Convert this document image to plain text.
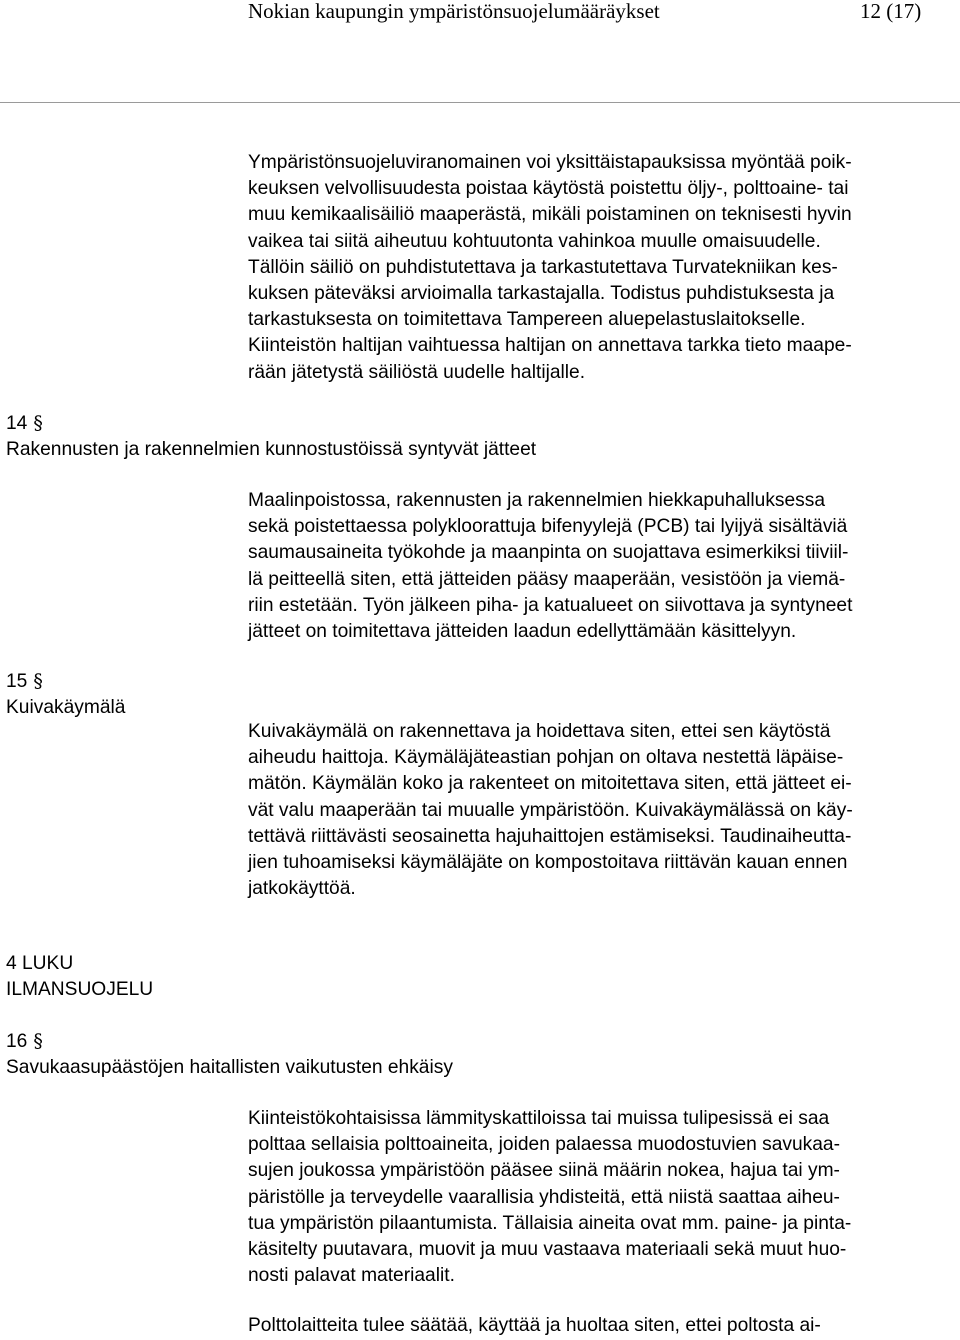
Nokian kaupungin ympäristönsuojelumääräykset	12 (17)

Ympäristönsuojeluviranomainen voi yksittäistapauksissa myöntää poik-
keuksen velvollisuudesta poistaa käytöstä poistettu öljy-, polttoaine- tai
muu kemikaalisäiliö maaperästä, mikäli poistaminen on teknisesti hyvin
vaikea tai siitä aiheutuu kohtuutonta vahinkoa muulle omaisuudelle.
Tällöin säiliö on puhdistutettava ja tarkastutettava Turvatekniikan kes-
kuksen päteväksi arvioimalla tarkastajalla. Todistus puhdistuksesta ja
tarkastuksesta on toimitettava Tampereen aluepelastuslaitokselle.
Kiinteistön haltijan vaihtuessa haltijan on annettava tarkka tieto maape-
rään jätetystä säiliöstä uudelle haltijalle.

14 §
Rakennusten ja rakennelmien kunnostustöissä syntyvät jätteet

Maalinpoistossa, rakennusten ja rakennelmien hiekkapuhalluksessa
sekä poistettaessa polykloorattuja bifenyylejä (PCB) tai lyijyä sisältäviä
saumausaineita työkohde ja maanpinta on suojattava esimerkiksi tiiviil-
lä peitteellä siten, että jätteiden pääsy maaperään, vesistöön ja viemä-
riin estetään. Työn jälkeen piha- ja katualueet on siivottava ja syntyneet
jätteet on toimitettava jätteiden laadun edellyttämään käsittelyyn.

15 §
Kuivakäymälä

Kuivakäymälä on rakennettava ja hoidettava siten, ettei sen käytöstä
aiheudu haittoja. Käymäläjäteastian pohjan on oltava nestettä läpäise-
mätön. Käymälän koko ja rakenteet on mitoitettava siten, että jätteet ei-
vät valu maaperään tai muualle ympäristöön. Kuivakäymälässä on käy-
tettävä riittävästi seosainetta hajuhaittojen estämiseksi. Taudinaiheutta-
jien tuhoamiseksi käymäläjäte on kompostoitava riittävän kauan ennen
jatkokäyttöä.

4 LUKU
ILMANSUOJELU
16 §
Savukaasupäästöjen haitallisten vaikutusten ehkäisy

Kiinteistökohtaisissa lämmityskattiloissa tai muissa tulipesissä ei saa
polttaa sellaisia polttoaineita, joiden palaessa muodostuvien savukaa-
sujen joukossa ympäristöön pääsee siinä määrin nokea, hajua tai ym-
päristölle ja terveydelle vaarallisia yhdisteitä, että niistä saattaa aiheu-
tua ympäristön pilaantumista. Tällaisia aineita ovat mm. paine- ja pinta-
käsitelty puutavara, muovit ja muu vastaava materiaali sekä muut huo-
nosti palavat materiaalit.

Polttolaitteita tulee säätää, käyttää ja huoltaa siten, ettei poltosta ai-
